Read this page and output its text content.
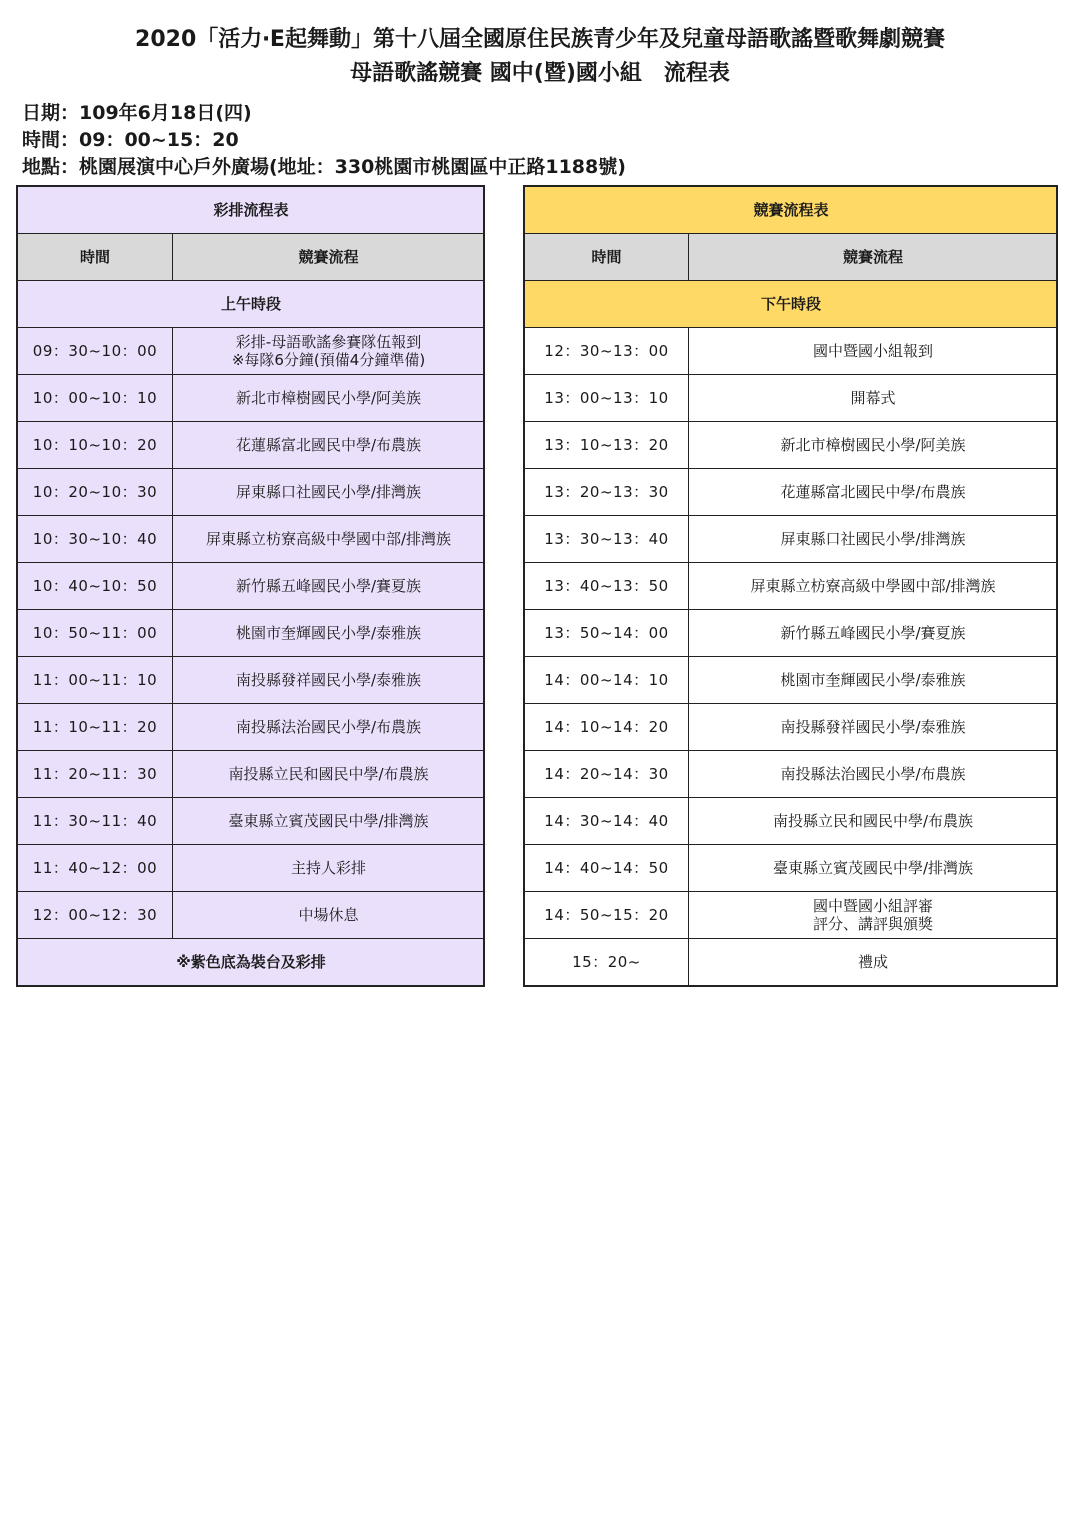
2020「活力‧E起舞動」第十八屆全國原住民族青少年及兒童母語歌謠暨歌舞劇競賽
母語歌謠競賽 國中(暨)國小組　流程表
日期：109年6月18日(四)
時間：09：00~15：20
地點：桃園展演中心戶外廣場(地址：330桃園市桃園區中正路1188號)
彩排流程表	
時間	競賽流程
上午時段	

09：30~10：00	彩排-母語歌謠參賽隊伍報到
※每隊6分鐘(預備4分鐘準備)

10：00~10：10	新北市樟樹國民小學/阿美族

10：10~10：20	花蓮縣富北國民中學/布農族

10：20~10：30	屏東縣口社國民小學/排灣族

10：30~10：40	屏東縣立枋寮高級中學國中部/排灣族

10：40~10：50	新竹縣五峰國民小學/賽夏族

10：50~11：00	桃園市奎輝國民小學/泰雅族

11：00~11：10	南投縣發祥國民小學/泰雅族

11：10~11：20	南投縣法治國民小學/布農族

11：20~11：30	南投縣立民和國民中學/布農族

11：30~11：40	臺東縣立賓茂國民中學/排灣族

11：40~12：00	主持人彩排

12：00~12：30	中場休息

※紫色底為裝台及彩排	
競賽流程表	
時間	競賽流程
下午時段	

12：30~13：00	國中暨國小組報到

13：00~13：10	開幕式

13：10~13：20	新北市樟樹國民小學/阿美族

13：20~13：30	花蓮縣富北國民中學/布農族

13：30~13：40	屏東縣口社國民小學/排灣族

13：40~13：50	屏東縣立枋寮高級中學國中部/排灣族

13：50~14：00	新竹縣五峰國民小學/賽夏族

14：00~14：10	桃園市奎輝國民小學/泰雅族

14：10~14：20	南投縣發祥國民小學/泰雅族

14：20~14：30	南投縣法治國民小學/布農族

14：30~14：40	南投縣立民和國民中學/布農族

14：40~14：50	臺東縣立賓茂國民中學/排灣族

14：50~15：20	國中暨國小組評審
評分、講評與頒獎

15：20~	禮成
